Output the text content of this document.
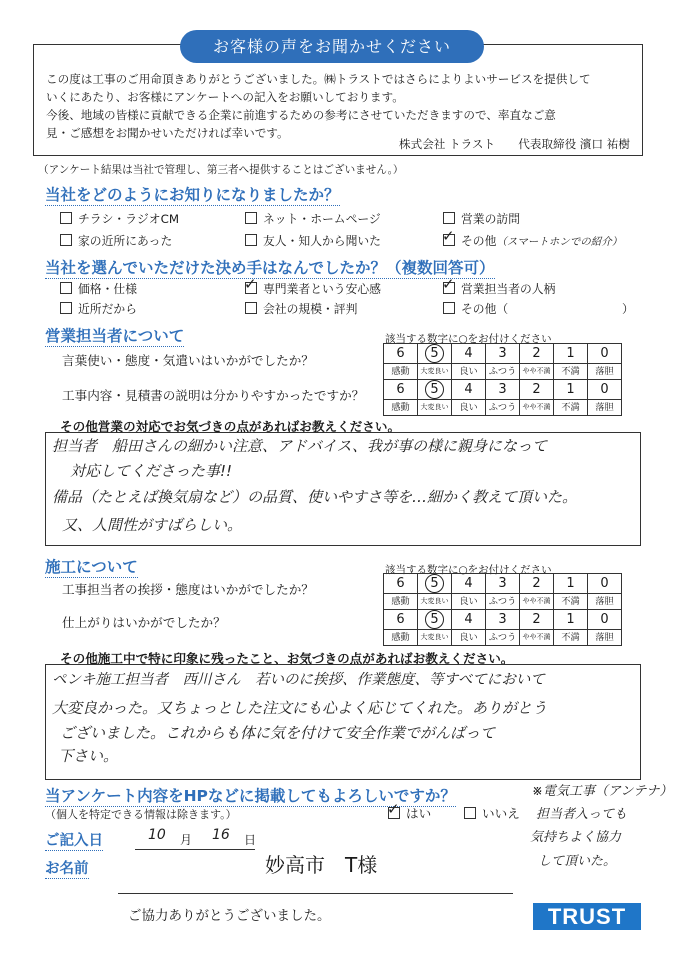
お客様の声をお聞かせください
この度は工事のご用命頂きありがとうございました。㈱トラストではさらによりよいサービスを提供して
いくにあたり、お客様にアンケートへの記入をお願いしております。
今後、地域の皆様に貢献できる企業に前進するための参考にさせていただきますので、率直なご意
見・ご感想をお聞かせいただければ幸いです。
株式会社 トラスト　　代表取締役 濱口 祐樹
（アンケート結果は当社で管理し、第三者へ提供することはございません。）
当社をどのようにお知りになりましたか？
チラシ・ラジオCM	ネット・ホームページ	営業の訪問
家の近所にあった	友人・知人から聞いた	✓ その他（スマートホンでの紹介）
当社を選んでいただけた決め手はなんでしたか？（複数回答可）
価格・仕様	✓ 専門業者という安心感	✓ 営業担当者の人柄
近所だから	会社の規模・評判	その他（	）
営業担当者について	該当する数字に○をお付けください
言葉使い・態度・気遣いはいかがでしたか？
工事内容・見積書の説明は分かりやすかったですか？
6	5	4	3	2	1	0
感動	大変良い	良い	ふつう	やや不満	不満	落胆
6	5	4	3	2	1	0
感動	大変良い	良い	ふつう	やや不満	不満	落胆
その他営業の対応でお気づきの点があればお教えください。
担当者　船田さんの細かい注意、アドバイス、我が事の様に親身になって
対応してくださった事!!
備品（たとえば換気扇など）の品質、使いやすさ等を…細かく教えて頂いた。
又、人間性がすばらしい。
施工について	該当する数字に○をお付けください
工事担当者の挨拶・態度はいかがでしたか？
仕上がりはいかがでしたか？
6	5	4	3	2	1	0
感動	大変良い	良い	ふつう	やや不満	不満	落胆
6	5	4	3	2	1	0
感動	大変良い	良い	ふつう	やや不満	不満	落胆
その他施工中で特に印象に残ったこと、お気づきの点があればお教えください。
ペンキ施工担当者　西川さん　若いのに挨拶、作業態度、等すべてにおいて
大変良かった。又ちょっとした注文にも心よく応じてくれた。ありがとう
ございました。これからも体に気を付けて安全作業でがんばって
下さい。
当アンケート内容をHPなどに掲載してもよろしいですか？
（個人を特定できる情報は除きます。）	✓ はい	いいえ
※電気工事（アンテナ）
担当者入っても
気持ちよく協力
して頂いた。
ご記入日	10 月 16 日
お名前	妙高市　T様
ご協力ありがとうございました。	TRUST
